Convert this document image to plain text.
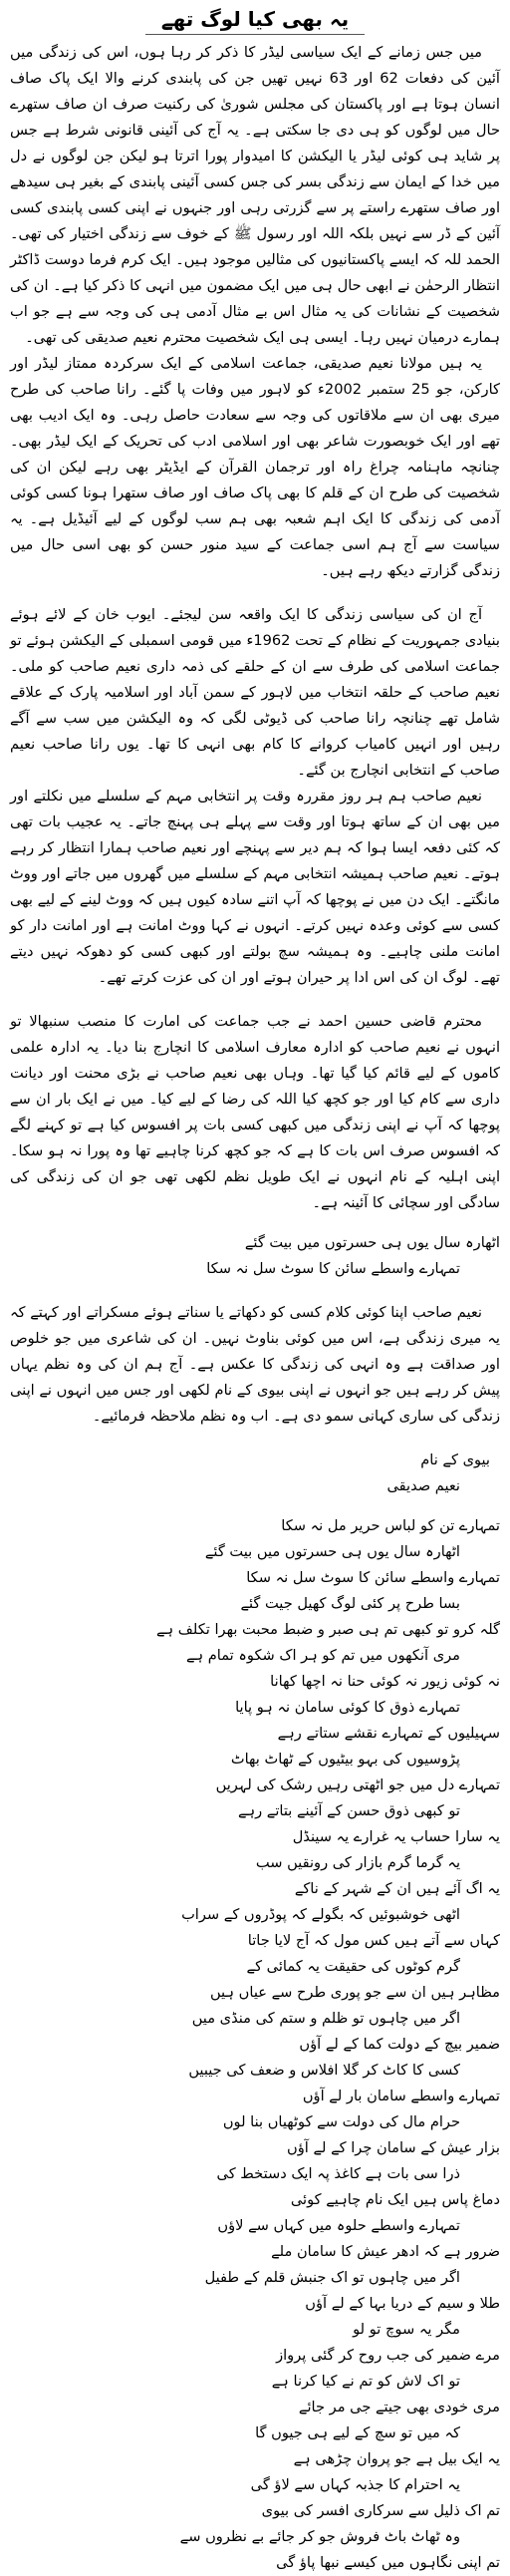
یہ بھی کیا لوگ تھے

میں جس زمانے کے ایک سیاسی لیڈر کا ذکر کر رہا ہوں، اس کی زندگی میں آئین کی دفعات 62 اور 63 نہیں تھیں جن کی پابندی کرنے والا ایک پاک صاف انسان ہوتا ہے اور پاکستان کی مجلس شوریٰ کی رکنیت صرف ان صاف ستھرے حال میں لوگوں کو ہی دی جا سکتی ہے۔ یہ آج کی آئینی قانونی شرط ہے جس پر شاید ہی کوئی لیڈر یا الیکشن کا امیدوار پورا اترتا ہو لیکن جن لوگوں نے دل میں خدا کے ایمان سے زندگی بسر کی جس کسی آئینی پابندی کے بغیر ہی سیدھے اور صاف ستھرے راستے پر سے گزرتی رہی اور جنہوں نے اپنی کسی پابندی کسی آئین کے ڈر سے نہیں بلکہ اللہ اور رسول ﷺ کے خوف سے زندگی اختیار کی تھی۔ الحمد للہ کہ ایسے پاکستانیوں کی مثالیں موجود ہیں۔ ایک کرم فرما دوست ڈاکٹر انتظار الرحمٰن نے ابھی حال ہی میں ایک مضمون میں انہی کا ذکر کیا ہے۔ ان کی شخصیت کے نشانات کی یہ مثال اس بے مثال آدمی ہی کی وجہ سے ہے جو اب ہمارے درمیان نہیں رہا۔ ایسی ہی ایک شخصیت محترم نعیم صدیقی کی تھی۔

یہ ہیں مولانا نعیم صدیقی، جماعت اسلامی کے ایک سرکردہ ممتاز لیڈر اور کارکن، جو 25 ستمبر 2002ء کو لاہور میں وفات پا گئے۔ رانا صاحب کی طرح میری بھی ان سے ملاقاتوں کی وجہ سے سعادت حاصل رہی۔ وہ ایک ادیب بھی تھے اور ایک خوبصورت شاعر بھی اور اسلامی ادب کی تحریک کے ایک لیڈر بھی۔ چنانچہ ماہنامہ چراغ راہ اور ترجمان القرآن کے ایڈیٹر بھی رہے لیکن ان کی شخصیت کی طرح ان کے قلم کا بھی پاک صاف اور صاف ستھرا ہونا کسی کوئی آدمی کی زندگی کا ایک اہم شعبہ بھی ہم سب لوگوں کے لیے آئیڈیل ہے۔ یہ سیاست سے آج ہم اسی جماعت کے سید منور حسن کو بھی اسی حال میں زندگی گزارتے دیکھ رہے ہیں۔

آج ان کی سیاسی زندگی کا ایک واقعہ سن لیجئے۔ ایوب خان کے لائے ہوئے بنیادی جمہوریت کے نظام کے تحت 1962ء میں قومی اسمبلی کے الیکشن ہوئے تو جماعت اسلامی کی طرف سے ان کے حلقے کی ذمہ داری نعیم صاحب کو ملی۔ نعیم صاحب کے حلقہ انتخاب میں لاہور کے سمن آباد اور اسلامیہ پارک کے علاقے شامل تھے چنانچہ رانا صاحب کی ڈیوٹی لگی کہ وہ الیکشن میں سب سے آگے رہیں اور انہیں کامیاب کروانے کا کام بھی انہی کا تھا۔ یوں رانا صاحب نعیم صاحب کے انتخابی انچارج بن گئے۔

نعیم صاحب ہم ہر روز مقررہ وقت پر انتخابی مہم کے سلسلے میں نکلتے اور میں بھی ان کے ساتھ ہوتا اور وقت سے پہلے ہی پہنچ جاتے۔ یہ عجیب بات تھی کہ کئی دفعہ ایسا ہوا کہ ہم دیر سے پہنچے اور نعیم صاحب ہمارا انتظار کر رہے ہوتے۔ نعیم صاحب ہمیشہ انتخابی مہم کے سلسلے میں گھروں میں جاتے اور ووٹ مانگتے۔ ایک دن میں نے پوچھا کہ آپ اتنے سادہ کیوں ہیں کہ ووٹ لینے کے لیے بھی کسی سے کوئی وعدہ نہیں کرتے۔ انہوں نے کہا ووٹ امانت ہے اور امانت دار کو امانت ملنی چاہیے۔ وہ ہمیشہ سچ بولتے اور کبھی کسی کو دھوکہ نہیں دیتے تھے۔ لوگ ان کی اس ادا پر حیران ہوتے اور ان کی عزت کرتے تھے۔

محترم قاضی حسین احمد نے جب جماعت کی امارت کا منصب سنبھالا تو انہوں نے نعیم صاحب کو ادارہ معارف اسلامی کا انچارج بنا دیا۔ یہ ادارہ علمی کاموں کے لیے قائم کیا گیا تھا۔ وہاں بھی نعیم صاحب نے بڑی محنت اور دیانت داری سے کام کیا اور جو کچھ کیا اللہ کی رضا کے لیے کیا۔ میں نے ایک بار ان سے پوچھا کہ آپ نے اپنی زندگی میں کبھی کسی بات پر افسوس کیا ہے تو کہنے لگے کہ افسوس صرف اس بات کا ہے کہ جو کچھ کرنا چاہیے تھا وہ پورا نہ ہو سکا۔ اپنی اہلیہ کے نام انہوں نے ایک طویل نظم لکھی تھی جو ان کی زندگی کی سادگی اور سچائی کا آئینہ ہے۔

اٹھارہ سال یوں ہی حسرتوں میں بیت گئے

تمہارے واسطے سائن کا سوٹ سل نہ سکا

نعیم صاحب اپنا کوئی کلام کسی کو دکھاتے یا سناتے ہوئے مسکراتے اور کہتے کہ یہ میری زندگی ہے، اس میں کوئی بناوٹ نہیں۔ ان کی شاعری میں جو خلوص اور صداقت ہے وہ انہی کی زندگی کا عکس ہے۔ آج ہم ان کی وہ نظم یہاں پیش کر رہے ہیں جو انہوں نے اپنی بیوی کے نام لکھی اور جس میں انہوں نے اپنی زندگی کی ساری کہانی سمو دی ہے۔ اب وہ نظم ملاحظہ فرمائیے۔

بیوی کے نام

نعیم صدیقی

تمہارے تن کو لباس حریر مل نہ سکا

اٹھارہ سال یوں ہی حسرتوں میں بیت گئے

تمہارے واسطے سائن کا سوٹ سل نہ سکا

بسا طرح پر کئی لوگ کھیل جیت گئے

گلہ کرو تو کبھی تم ہی صبر و ضبط محبت بھرا تکلف ہے

مری آنکھوں میں تم کو ہر اک شکوہ تمام ہے

نہ کوئی زیور نہ کوئی حنا نہ اچھا کھانا

تمہارے ذوق کا کوئی سامان نہ ہو پایا

سہیلیوں کے تمہارے نقشے ستاتے رہے

پڑوسیوں کی بہو بیٹیوں کے ٹھاٹ بھاٹ

تمہارے دل میں جو اٹھتی رہیں رشک کی لہریں

تو کبھی ذوق حسن کے آئینے بتاتے رہے

یہ سارا حساب یہ غرارے یہ سینڈل

یہ گرما گرم بازار کی رونقیں سب

یہ اگ آئے ہیں ان کے شہر کے ناکے

اٹھی خوشبوئیں کہ بگولے کہ پوڈروں کے سراب

کہاں سے آتے ہیں کس مول کہ آج لایا جاتا

گرم کوٹوں کی حقیقت یہ کمائی کے

مظاہر ہیں ان سے جو پوری طرح سے عیاں ہیں

اگر میں چاہوں تو ظلم و ستم کی منڈی میں

ضمیر بیچ کے دولت کما کے لے آؤں

کسی کا کاٹ کر گلا افلاس و ضعف کی جیبیں

تمہارے واسطے سامان بار لے آؤں

حرام مال کی دولت سے کوٹھیاں بنا لوں

بزار عیش کے سامان چرا کے لے آؤں

ذرا سی بات ہے کاغذ پہ ایک دستخط کی

دماغ پاس ہیں ایک نام چاہیے کوئی

تمہارے واسطے حلوہ میں کہاں سے لاؤں

ضرور ہے کہ ادھر عیش کا سامان ملے

اگر میں چاہوں تو اک جنبش قلم کے طفیل

طلا و سیم کے دریا بہا کے لے آؤں

مگر یہ سوچ تو لو

مرے ضمیر کی جب روح کر گئی پرواز

تو اک لاش کو تم نے کیا کرنا ہے

مری خودی بھی جیتے جی مر جائے

کہ میں تو سچ کے لیے ہی جیوں گا

یہ ایک بیل ہے جو پروان چڑھی ہے

یہ احترام کا جذبہ کہاں سے لاؤ گی

تم اک ذلیل سے سرکاری افسر کی بیوی

وہ ٹھاٹ باٹ فروش جو کر جائے بے نظروں سے

تم اپنی نگاہوں میں کیسے نبھا پاؤ گی
